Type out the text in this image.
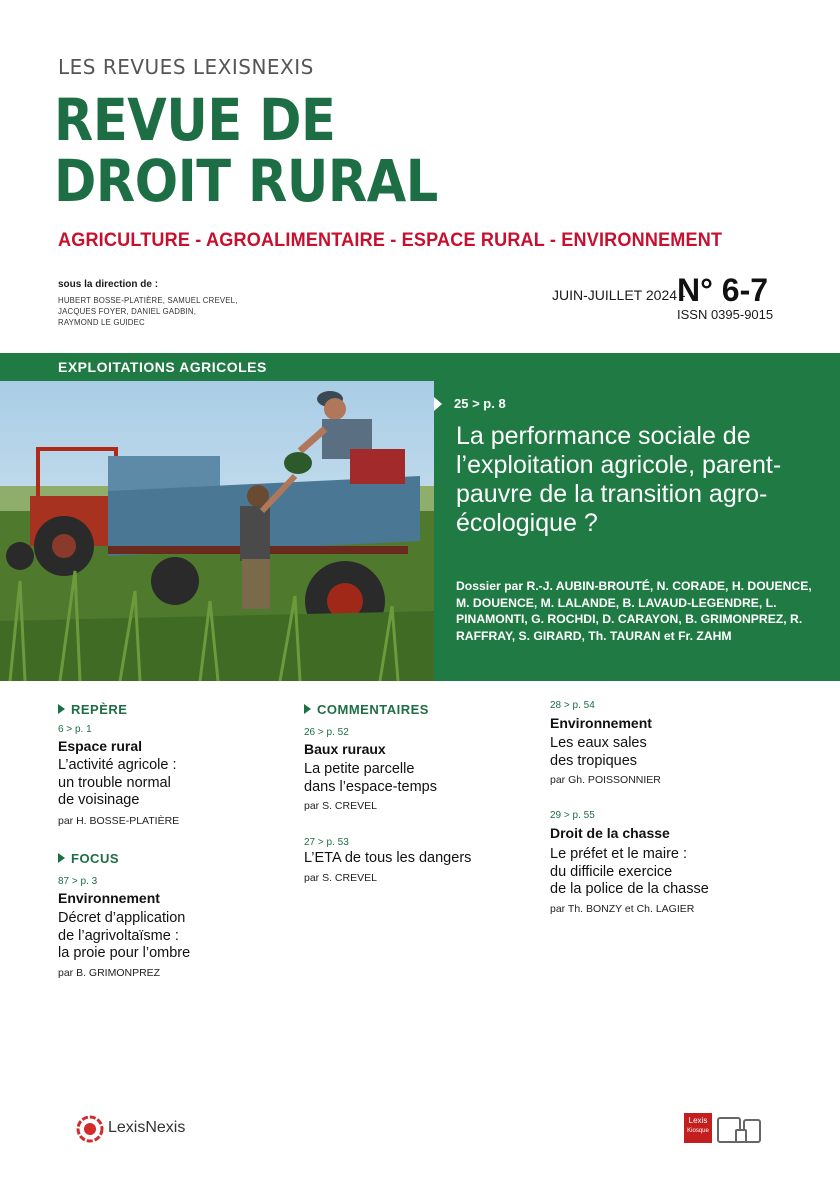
LES REVUES LEXISNEXIS
REVUE DE
DROIT RURAL
AGRICULTURE - AGROALIMENTAIRE - ESPACE RURAL - ENVIRONNEMENT
sous la direction de :
HUBERT BOSSE-PLATIÈRE, SAMUEL CREVEL,
JACQUES FOYER, DANIEL GADBIN,
RAYMOND LE GUIDEC
JUIN-JUILLET 2024 -
N° 6-7
ISSN 0395-9015
EXPLOITATIONS AGRICOLES
25 > p. 8
La performance sociale de l’exploitation agricole, parent-pauvre de la transition agro-écologique ?
Dossier par R.-J. AUBIN-BROUTÉ, N. CORADE, H. DOUENCE, M. DOUENCE, M. LALANDE, B. LAVAUD-LEGENDRE, L. PINAMONTI, G. ROCHDI, D. CARAYON, B. GRIMONPREZ, R. RAFFRAY, S. GIRARD, Th. TAURAN et Fr. ZAHM
REPÈRE
6 > p. 1
Espace rural
L’activité agricole :
un trouble normal
de voisinage
par H. BOSSE-PLATIÈRE
FOCUS
87 > p. 3
Environnement
Décret d’application
de l’agrivoltaïsme :
la proie pour l’ombre
par B. GRIMONPREZ
COMMENTAIRES
26 > p. 52
Baux ruraux
La petite parcelle
dans l’espace-temps
par S. CREVEL
27 > p. 53
L’ETA de tous les dangers
par S. CREVEL
28 > p. 54
Environnement
Les eaux sales
des tropiques
par Gh. POISSONNIER
29 > p. 55
Droit de la chasse
Le préfet et le maire :
du difficile exercice
de la police de la chasse
par Th. BONZY et Ch. LAGIER
LexisNexis	Lexis
Kiosque
